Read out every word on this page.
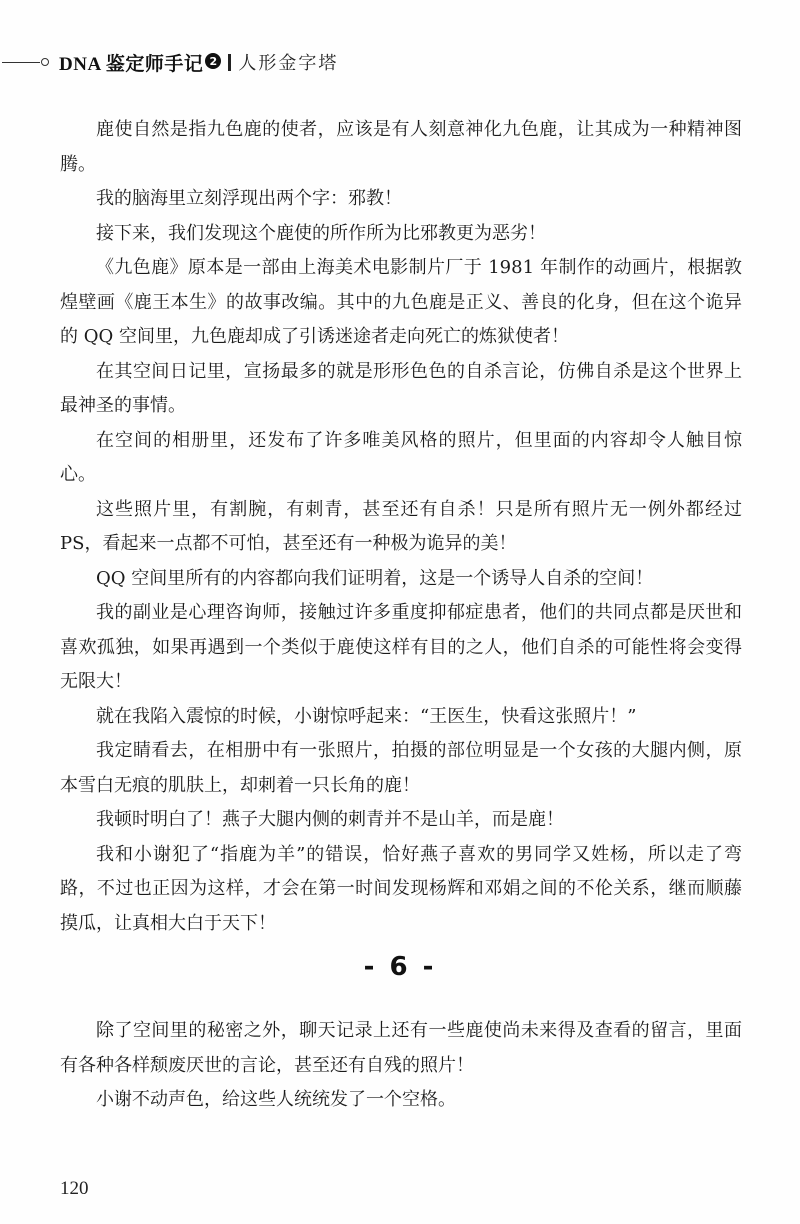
DNA 鉴定师手记 2 人形金字塔

鹿使自然是指九色鹿的使者，应该是有人刻意神化九色鹿，让其成为一种精神图腾。

我的脑海里立刻浮现出两个字：邪教！

接下来，我们发现这个鹿使的所作所为比邪教更为恶劣！

《九色鹿》原本是一部由上海美术电影制片厂于 1981 年制作的动画片，根据敦煌壁画《鹿王本生》的故事改编。其中的九色鹿是正义、善良的化身，但在这个诡异的 QQ 空间里，九色鹿却成了引诱迷途者走向死亡的炼狱使者！

在其空间日记里，宣扬最多的就是形形色色的自杀言论，仿佛自杀是这个世界上最神圣的事情。

在空间的相册里，还发布了许多唯美风格的照片，但里面的内容却令人触目惊心。

这些照片里，有割腕，有刺青，甚至还有自杀！只是所有照片无一例外都经过 PS，看起来一点都不可怕，甚至还有一种极为诡异的美！

QQ 空间里所有的内容都向我们证明着，这是一个诱导人自杀的空间！

我的副业是心理咨询师，接触过许多重度抑郁症患者，他们的共同点都是厌世和喜欢孤独，如果再遇到一个类似于鹿使这样有目的之人，他们自杀的可能性将会变得无限大！

就在我陷入震惊的时候，小谢惊呼起来：“王医生，快看这张照片！”

我定睛看去，在相册中有一张照片，拍摄的部位明显是一个女孩的大腿内侧，原本雪白无痕的肌肤上，却刺着一只长角的鹿！

我顿时明白了！燕子大腿内侧的刺青并不是山羊，而是鹿！

我和小谢犯了“指鹿为羊”的错误，恰好燕子喜欢的男同学又姓杨，所以走了弯路，不过也正因为这样，才会在第一时间发现杨辉和邓娟之间的不伦关系，继而顺藤摸瓜，让真相大白于天下！

- 6 -

除了空间里的秘密之外，聊天记录上还有一些鹿使尚未来得及查看的留言，里面有各种各样颓废厌世的言论，甚至还有自残的照片！

小谢不动声色，给这些人统统发了一个空格。

120
